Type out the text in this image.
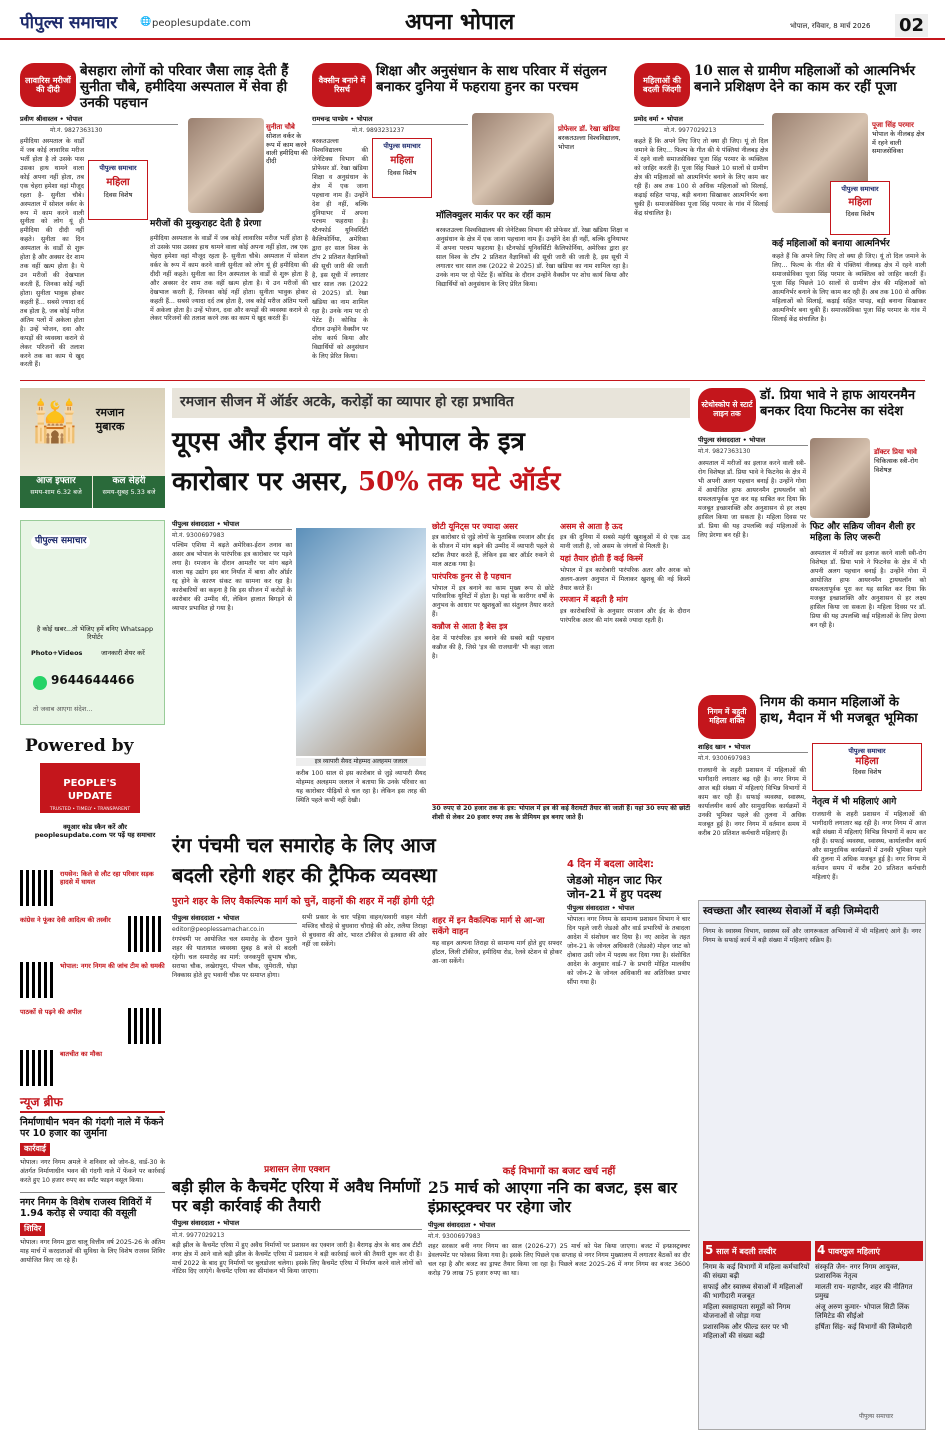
पीपुल्स समाचार	🌐 peoplesupdate.com	अपना भोपाल	भोपाल, रविवार, 8 मार्च 2026 02
लावारिस मरीजों की दीदी
बेसहारा लोगों को परिवार जैसा लाड़ देती हैं सुनीता चौबे, हमीदिया अस्पताल में सेवा ही उनकी पहचान
प्रवीण श्रीवास्तव • भोपाल
मो.नं. 9827363130
हमीदिया अस्पताल के वार्डों में जब कोई लावारिस मरीज भर्ती होता है तो उसके पास उसका हाथ थामने वाला कोई अपना नहीं होता, तब एक चेहरा हमेशा वहां मौजूद रहता है- सुनीता चौबे। अस्पताल में सोशल वर्कर के रूप में काम करने वाली सुनीता को लोग यूं ही हमीदिया की दीदी नहीं कहते। सुनीता का दिन अस्पताल के वार्डों से शुरू होता है और अक्सर देर शाम तक वहीं खत्म होता है। ये उन मरीजों की देखभाल करती हैं, जिनका कोई नहीं होता। सुनीता भावुक होकर कहती हैं... सबसे ज्यादा दर्द तब होता है, जब कोई मरीज अंतिम पलों में अकेला होता है। उन्हें भोजन, दवा और कपड़ों की व्यवस्था कराने से लेकर परिजनों की तलाश करने तक का काम ये खुद करती हैं।
पीपुल्स समाचार
महिला
दिवस विशेष
सुनीता चौबे
सोशल वर्कर के रूप में काम करने वाली हमीदिया की दीदी
मरीजों की मुस्कुराहट देती है प्रेरणा
हमीदिया अस्पताल के वार्डों में जब कोई लावारिस मरीज भर्ती होता है तो उसके पास उसका हाथ थामने वाला कोई अपना नहीं होता, तब एक चेहरा हमेशा वहां मौजूद रहता है- सुनीता चौबे। अस्पताल में सोशल वर्कर के रूप में काम करने वाली सुनीता को लोग यूं ही हमीदिया की दीदी नहीं कहते। सुनीता का दिन अस्पताल के वार्डों से शुरू होता है और अक्सर देर शाम तक वहीं खत्म होता है। ये उन मरीजों की देखभाल करती हैं, जिनका कोई नहीं होता। सुनीता भावुक होकर कहती हैं... सबसे ज्यादा दर्द तब होता है, जब कोई मरीज अंतिम पलों में अकेला होता है। उन्हें भोजन, दवा और कपड़ों की व्यवस्था कराने से लेकर परिजनों की तलाश करने तक का काम ये खुद करती हैं।
वैक्सीन बनाने में रिसर्च
शिक्षा और अनुसंधान के साथ परिवार में संतुलन बनाकर दुनिया में फहराया हुनर का परचम
रामचन्द्र पाण्डेय • भोपाल
मो.नं. 9893231237
बरकतउल्ला विश्वविद्यालय की जेनेटिक्स विभाग की प्रोफेसर डॉ. रेखा खंडिया शिक्षा व अनुसंधान के क्षेत्र में एक जाना पहचाना नाम हैं। उन्होंने देश ही नहीं, बल्कि दुनियाभर में अपना परचम फहराया है। स्टैनफोर्ड यूनिवर्सिटी कैलिफोर्निया, अमेरिका द्वारा हर साल विश्व के टॉप 2 प्रतिशत वैज्ञानिकों की सूची जारी की जाती है, इस सूची में लगातार चार साल तक (2022 से 2025) डॉ. रेखा खंडिया का नाम शामिल रहा है। उनके नाम पर दो पेटेंट हैं। कोविड के दौरान उन्होंने वैक्सीन पर शोध कार्य किया और विद्यार्थियों को अनुसंधान के लिए प्रेरित किया।
पीपुल्स समाचार
महिला
दिवस विशेष
प्रोफेसर डॉ. रेखा खंडिया
बरकतउल्ला विश्वविद्यालय, भोपाल
मॉलिक्युलर मार्कर पर कर रहीं काम
बरकतउल्ला विश्वविद्यालय की जेनेटिक्स विभाग की प्रोफेसर डॉ. रेखा खंडिया शिक्षा व अनुसंधान के क्षेत्र में एक जाना पहचाना नाम हैं। उन्होंने देश ही नहीं, बल्कि दुनियाभर में अपना परचम फहराया है। स्टैनफोर्ड यूनिवर्सिटी कैलिफोर्निया, अमेरिका द्वारा हर साल विश्व के टॉप 2 प्रतिशत वैज्ञानिकों की सूची जारी की जाती है, इस सूची में लगातार चार साल तक (2022 से 2025) डॉ. रेखा खंडिया का नाम शामिल रहा है। उनके नाम पर दो पेटेंट हैं। कोविड के दौरान उन्होंने वैक्सीन पर शोध कार्य किया और विद्यार्थियों को अनुसंधान के लिए प्रेरित किया।
महिलाओं की बदली जिंदगी
10 साल से ग्रामीण महिलाओं को आत्मनिर्भर बनाने प्रशिक्षण देने का काम कर रहीं पूजा
प्रमोद वर्मा • भोपाल
मो.नं. 9977029213
कहते हैं कि अपने लिए जिए तो क्या ही जिए। यूं तो दिल जमाने के लिए... फिल्म के गीत की ये पंक्तियां नीलबड़ क्षेत्र में रहने वाली समाजसेविका पूजा सिंह परमार के व्यक्तित्व को जाहिर करती हैं। पूजा सिंह पिछले 10 सालों से ग्रामीण क्षेत्र की महिलाओं को आत्मनिर्भर बनाने के लिए काम कर रही हैं। अब तक 100 से अधिक महिलाओं को सिलाई, कढ़ाई सहित पापड़, बड़ी बनाना सिखाकर आत्मनिर्भर बना चुकी हैं। समाजसेविका पूजा सिंह परमार के गांव में सिलाई केंद्र संचालित है।
पूजा सिंह परमार
भोपाल के नीलबड़ क्षेत्र में रहने वाली समाजसेविका
पीपुल्स समाचार
महिला
दिवस विशेष
कई महिलाओं को बनाया आत्मनिर्भर
कहते हैं कि अपने लिए जिए तो क्या ही जिए। यूं तो दिल जमाने के लिए... फिल्म के गीत की ये पंक्तियां नीलबड़ क्षेत्र में रहने वाली समाजसेविका पूजा सिंह परमार के व्यक्तित्व को जाहिर करती हैं। पूजा सिंह पिछले 10 सालों से ग्रामीण क्षेत्र की महिलाओं को आत्मनिर्भर बनाने के लिए काम कर रही हैं। अब तक 100 से अधिक महिलाओं को सिलाई, कढ़ाई सहित पापड़, बड़ी बनाना सिखाकर आत्मनिर्भर बना चुकी हैं। समाजसेविका पूजा सिंह परमार के गांव में सिलाई केंद्र संचालित है।
🕌	रमजान मुबारक
आज इफ्तार
समय-शाम 6.32 बजे
कल सेहरी
समय-सुबह 5.33 बजे
पीपुल्स समाचार
है कोई खबर...तो भेजिए हमें बनिए Whatsapp रिपोर्टर
Photo+Videos	जानकारी शेयर करें
9644644466
तो जवाब आएगा संदेश...
Powered by
PEOPLE'S UPDATE
TRUSTED • TIMELY • TRANSPARENT
क्यूआर कोड स्कैन करें और peoplesupdate.com पर पढ़ें यह समाचार
रायसेन: किले से लौट रहा परिवार सड़क हादसे में घायल
कांग्रेस ने फूंका देवी आदित्य की तस्वीर
भोपाल: नगर निगम की जांच टीम को धमकी
पाठकों से पढ़ने की अपील
बातचीत का मौका
न्यूज ब्रीफ
निर्माणाधीन भवन की गंदगी नाले में फेंकने पर 10 हजार का जुर्माना
कार्रवाई
भोपाल। नगर निगम अमले ने शनिवार को जोन-8, वार्ड-30 के अंतर्गत निर्माणाधीन भवन की गंदगी नाले में फेंकने पर कार्रवाई करते हुए 10 हजार रुपए का स्पॉट फाइन वसूल किया।
नगर निगम के विशेष राजस्व शिविरों में 1.94 करोड़ से ज्यादा की वसूली
शिविर
भोपाल। नगर निगम द्वारा चालू वित्तीय वर्ष 2025-26 के अंतिम माह मार्च में करदाताओं की सुविधा के लिए विशेष राजस्व शिविर आयोजित किए जा रहे हैं।
रमजान सीजन में ऑर्डर अटके, करोड़ों का व्यापार हो रहा प्रभावित
यूएस और ईरान वॉर से भोपाल के इत्र
कारोबार पर असर, 50% तक घटे ऑर्डर
पीपुल्स संवाददाता • भोपाल
मो.नं. 9300697983
पश्चिम एशिया में बढ़ते अमेरिका-ईरान तनाव का असर अब भोपाल के पारंपरिक इत्र कारोबार पर पड़ने लगा है। रमजान के दौरान आमतौर पर मांग बढ़ने वाला यह उद्योग इस बार निर्यात में बाधा और ऑर्डर रद्द होने के कारण संकट का सामना कर रहा है। कारोबारियों का कहना है कि इस सीजन में करोड़ों के कारोबार की उम्मीद थी, लेकिन हालात बिगड़ने से व्यापार प्रभावित हो गया है।
इत्र व्यापारी सैयद मोहम्मद अलहमम जलाल
करीब 100 साल से इस कारोबार से जुड़े व्यापारी सैयद मोहम्मद अलहमम जलाल ने बताया कि उनके परिवार का यह कारोबार पीढ़ियों से चल रहा है। लेकिन इस तरह की स्थिति पहले कभी नहीं देखी।
छोटी यूनिट्स पर ज्यादा असर
इत्र कारोबार से जुड़े लोगों के मुताबिक रमजान और ईद के सीजन में मांग बढ़ने की उम्मीद में व्यापारी पहले से स्टॉक तैयार करते हैं, लेकिन इस बार ऑर्डर रुकने से माल अटक गया है।
पारंपरिक हुनर से है पहचान
भोपाल में इत्र बनाने का काम मुख्य रूप से छोटे पारिवारिक यूनिटों में होता है। यहां के कारीगर वर्षों के अनुभव के आधार पर खुशबुओं का संतुलन तैयार करते हैं।
कन्नौज से आता है बेस इत्र
देश में पारंपरिक इत्र बनाने की सबसे बड़ी पहचान कन्नौज की है, जिसे 'इत्र की राजधानी' भी कहा जाता है।
असम से आता है ऊद
इत्र की दुनिया में सबसे महंगी खुशबुओं में से एक ऊद मानी जाती है, जो असम के जंगलों से मिलती है।
यहां तैयार होती हैं कई किस्में
भोपाल में इत्र कारोबारी पारंपरिक अतर और अरक को अलग-अलग अनुपात में मिलाकर खुशबू की नई किस्में तैयार करते हैं।
रमजान में बढ़ती है मांग
इत्र कारोबारियों के अनुसार रमजान और ईद के दौरान पारंपरिक अतर की मांग सबसे ज्यादा रहती है।
30 रुपए से 20 हजार तक के इत्र: भोपाल में इत्र की कई वैरायटी तैयार की जाती हैं। यहां 30 रुपए की छोटी शीशी से लेकर 20 हजार रुपए तक के प्रीमियम इत्र बनाए जाते हैं।
रंग पंचमी चल समारोह के लिए आज
बदली रहेगी शहर की ट्रैफिक व्यवस्था
पुराने शहर के लिए वैकल्पिक मार्ग को चुनें, वाहनों की शहर में नहीं होगी एंट्री
पीपुल्स संवाददाता • भोपाल
editor@peoplessamachar.co.in
रंगपंचमी पर आयोजित चल समारोह के दौरान पुराने शहर की यातायात व्यवस्था सुबह 8 बजे से बदली रहेगी। चल समारोह का मार्ग: जनकपुरी सुभाष चौक, सराफा चौक, लखेरापुरा, पीपल चौक, जुमेराती, घोड़ा निक्कास होते हुए भवानी चौक पर समाप्त होगा।
सभी प्रकार के चार पहिया वाहन/सवारी वाहन मोती मस्जिद चौराहे से बुधवारा चौराहे की ओर, तलैया तिराहा से बुधवारा की ओर, भारत टॉकीज से इतवारा की ओर नहीं जा सकेंगे।
शहर में इन वैकल्पिक मार्ग से आ-जा सकेंगे वाहन
यह वाहन अल्पना तिराहा से सामान्य मार्ग होते हुए सफ्दर हॉटल, लिली टॉकीज, हमीदिया रोड, रेलवे स्टेशन से होकर आ-जा सकेंगे।
4 दिन में बदला आदेश:
जेडओ मोहन जाट फिर जोन-21 में हुए पदस्थ
पीपुल्स संवाददाता • भोपाल
भोपाल। नगर निगम के सामान्य प्रशासन विभाग ने चार दिन पहले जारी जेडओ और वार्ड प्रभारियों के तबादला आदेश में संशोधन कर दिया है। नए आदेश के तहत जोन-21 के जोनल अधिकारी (जेडओ) मोहन जाट को दोबारा उसी जोन में पदस्थ कर दिया गया है। संशोधित आदेश के अनुसार वार्ड-7 के प्रभारी मोहित मालवीय को जोन-2 के जोनल अधिकारी का अतिरिक्त प्रभार सौंपा गया है।
प्रशासन लेगा एक्शन
बड़ी झील के कैचमेंट एरिया में अवैध निर्माणों पर बड़ी कार्रवाई की तैयारी
पीपुल्स संवाददाता • भोपाल
मो.नं. 9977029213
बड़ी झील के कैचमेंट एरिया में हुए अवैध निर्माणों पर प्रशासन का एक्शन जारी है। बैरागढ़ क्षेत्र के बाद अब टीटी नगर क्षेत्र में आने वाले बड़ी झील के कैचमेंट एरिया में प्रशासन ने बड़ी कार्रवाई करने की तैयारी शुरू कर दी है। मार्च 2022 के बाद हुए निर्माणों पर बुलडोजर चलेगा। इसके लिए कैचमेंट एरिया में निर्माण करने वाले लोगों को नोटिस दिए जाएंगे। कैचमेंट एरिया का सीमांकन भी किया जाएगा।
कई विभागों का बजट खर्च नहीं
25 मार्च को आएगा ननि का बजट, इस बार इंफ्रास्ट्रक्चर पर रहेगा जोर
पीपुल्स संवाददाता • भोपाल
मो.नं. 9300697983
शहर सरकार बनी नगर निगम का साल (2026-27) 25 मार्च को पेश किया जाएगा। बजट में इन्फ्रास्ट्रक्चर डेवलपमेंट पर फोकस किया गया है। इसके लिए पिछले एक सप्ताह से नगर निगम मुख्यालय में लगातार बैठकों का दौर चल रहा है और बजट का ड्राफ्ट तैयार किया जा रहा है। पिछले बजट 2025-26 में नगर निगम का बजट 3600 करोड़ 79 लाख 75 हजार रुपए का था।
स्टेथोस्कोप से स्टार्ट लाइन तक
डॉ. प्रिया भावे ने हाफ आयरनमैन बनकर दिया फिटनेस का संदेश
पीपुल्स संवाददाता • भोपाल
मो.नं. 9827363130
अस्पताल में मरीजों का इलाज करने वाली स्त्री-रोग विशेषज्ञ डॉ. प्रिया भावे ने फिटनेस के क्षेत्र में भी अपनी अलग पहचान बनाई है। उन्होंने गोवा में आयोजित हाफ आयरनमैन ट्रायथलॉन को सफलतापूर्वक पूरा कर यह साबित कर दिया कि मजबूत इच्छाशक्ति और अनुशासन से हर लक्ष्य हासिल किया जा सकता है। महिला दिवस पर डॉ. प्रिया की यह उपलब्धि कई महिलाओं के लिए प्रेरणा बन रही है।
डॉक्टर प्रिया भावे
चिकित्सक स्त्री-रोग विशेषज्ञ
फिट और सक्रिय जीवन शैली हर महिला के लिए जरूरी
अस्पताल में मरीजों का इलाज करने वाली स्त्री-रोग विशेषज्ञ डॉ. प्रिया भावे ने फिटनेस के क्षेत्र में भी अपनी अलग पहचान बनाई है। उन्होंने गोवा में आयोजित हाफ आयरनमैन ट्रायथलॉन को सफलतापूर्वक पूरा कर यह साबित कर दिया कि मजबूत इच्छाशक्ति और अनुशासन से हर लक्ष्य हासिल किया जा सकता है। महिला दिवस पर डॉ. प्रिया की यह उपलब्धि कई महिलाओं के लिए प्रेरणा बन रही है।
निगम में बहुती महिला शक्ति
निगम की कमान महिलाओं के हाथ, मैदान में भी मजबूत भूमिका
शाहिद खान • भोपाल
मो.नं. 9300697983
राजधानी के शहरी प्रशासन में महिलाओं की भागीदारी लगातार बढ़ रही है। नगर निगम में आज बड़ी संख्या में महिलाएं विभिन्न विभागों में काम कर रही हैं। सफाई व्यवस्था, स्वास्थ्य, कार्यालयीन कार्य और सामुदायिक कार्यक्रमों में उनकी भूमिका पहले की तुलना में अधिक मजबूत हुई है। नगर निगम में वर्तमान समय में करीब 20 प्रतिशत कर्मचारी महिलाएं हैं।
पीपुल्स समाचार
महिला
दिवस विशेष
नेतृत्व में भी महिलाएं आगे
राजधानी के शहरी प्रशासन में महिलाओं की भागीदारी लगातार बढ़ रही है। नगर निगम में आज बड़ी संख्या में महिलाएं विभिन्न विभागों में काम कर रही हैं। सफाई व्यवस्था, स्वास्थ्य, कार्यालयीन कार्य और सामुदायिक कार्यक्रमों में उनकी भूमिका पहले की तुलना में अधिक मजबूत हुई है। नगर निगम में वर्तमान समय में करीब 20 प्रतिशत कर्मचारी महिलाएं हैं।
स्वच्छता और स्वास्थ्य सेवाओं में बड़ी जिम्मेदारी
निगम के स्वास्थ्य विभाग, स्वास्थ्य सर्वे और जागरूकता अभियानों में भी महिलाएं आगे हैं। नगर निगम के सफाई कार्य में बड़ी संख्या में महिलाएं सक्रिय हैं।
5 साल में बदली तस्वीर
निगम के कई विभागों में महिला कर्मचारियों की संख्या बढ़ी
सफाई और स्वास्थ्य सेवाओं में महिलाओं की भागीदारी मजबूत
महिला स्वसहायता समूहों को निगम योजनाओं से जोड़ा गया
प्रशासनिक और फील्ड स्तर पर भी महिलाओं की संख्या बढ़ी
4 पावरफुल महिलाएं
संस्कृति जैन- नगर निगम आयुक्त, प्रशासनिक नेतृत्व
मालती राय- महापौर, शहर की नीतिगत प्रमुख
अंजू अरुण कुमार- भोपाल सिटी लिंक लिमिटेड की सीईओ
हर्षिता सिंह- कई विभागों की जिम्मेदारी
पीपुल्स समाचार
